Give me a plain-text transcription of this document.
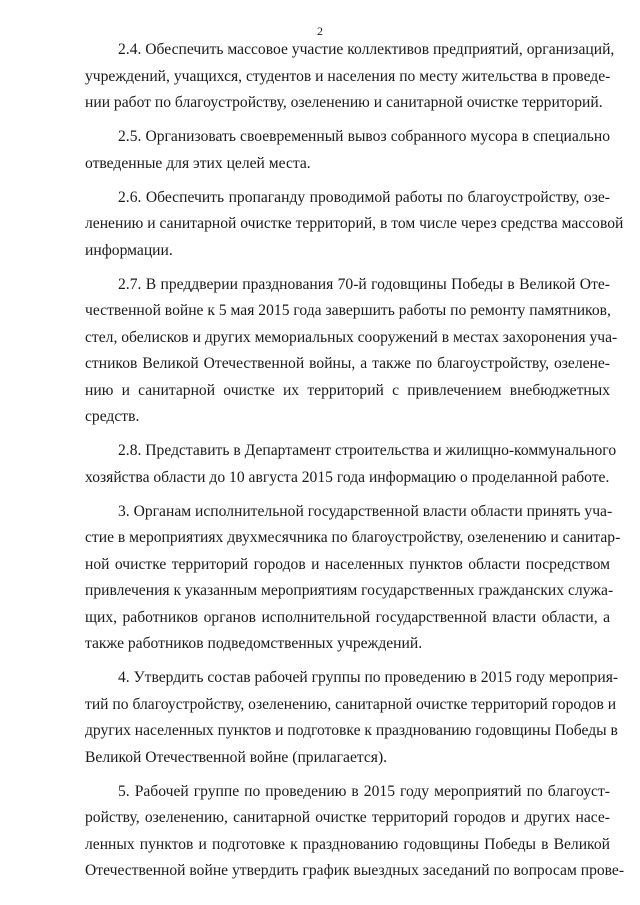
2
2.4. Обеспечить массовое участие коллективов предприятий, организаций,
учреждений, учащихся, студентов и населения по месту жительства в проведе-
нии работ по благоустройству, озеленению и санитарной очистке территорий.
2.5. Организовать своевременный вывоз собранного мусора в специально
отведенные для этих целей места.
2.6. Обеспечить пропаганду проводимой работы по благоустройству, озе-
ленению и санитарной очистке территорий, в том числе через средства массовой
информации.
2.7. В преддверии празднования 70-й годовщины Победы в Великой Оте-
чественной войне к 5 мая 2015 года завершить работы по ремонту памятников,
стел, обелисков и других мемориальных сооружений в местах захоронения уча-
стников Великой Отечественной войны, а также по благоустройству, озелене-
нию и санитарной очистке их территорий с привлечением внебюджетных
средств.
2.8. Представить в Департамент строительства и жилищно-коммунального
хозяйства области до 10 августа 2015 года информацию о проделанной работе.
3. Органам исполнительной государственной власти области принять уча-
стие в мероприятиях двухмесячника по благоустройству, озеленению и санитар-
ной очистке территорий городов и населенных пунктов области посредством
привлечения к указанным мероприятиям государственных гражданских служа-
щих, работников органов исполнительной государственной власти области, а
также работников подведомственных учреждений.
4. Утвердить состав рабочей группы по проведению в 2015 году мероприя-
тий по благоустройству, озеленению, санитарной очистке территорий городов и
других населенных пунктов и подготовке к празднованию годовщины Победы в
Великой Отечественной войне (прилагается).
5. Рабочей группе по проведению в 2015 году мероприятий по благоуст-
ройству, озеленению, санитарной очистке территорий городов и других насе-
ленных пунктов и подготовке к празднованию годовщины Победы в Великой
Отечественной войне утвердить график выездных заседаний по вопросам прове-
